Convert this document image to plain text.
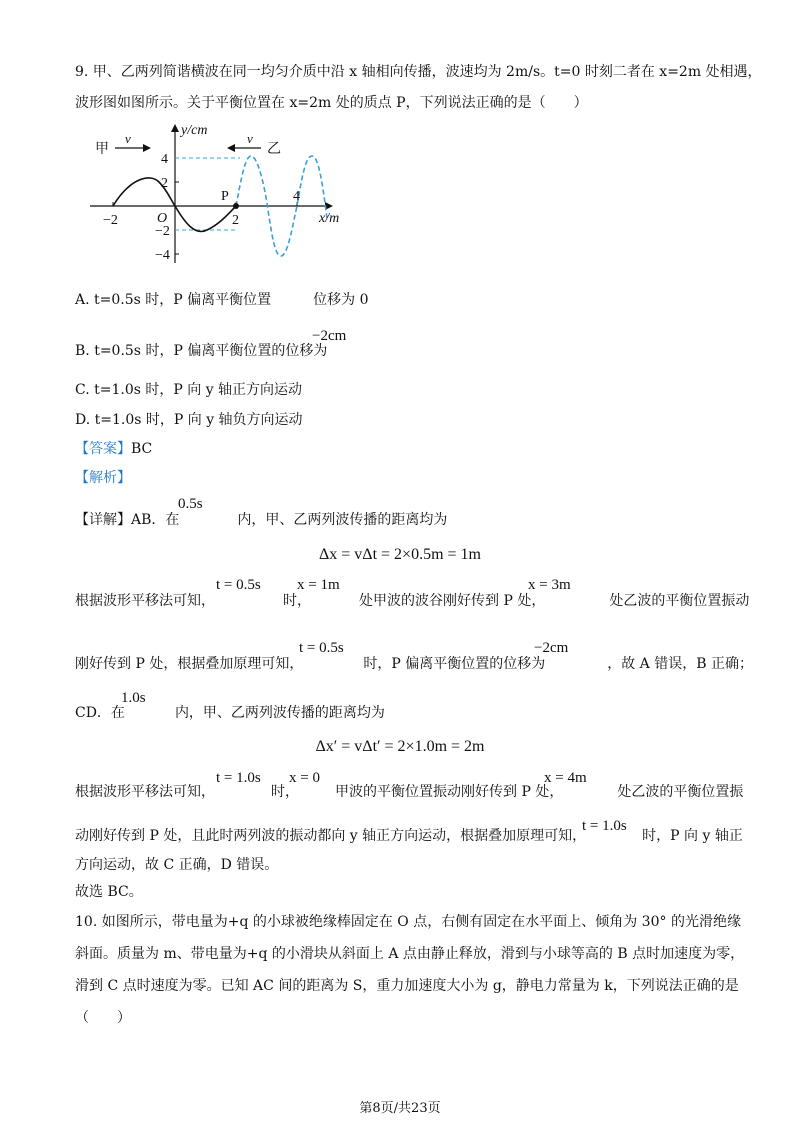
9. 甲、乙两列简谐横波在同一均匀介质中沿 x 轴相向传播，波速均为 2m/s。t=0 时刻二者在 x=2m 处相遇，
波形图如图所示。关于平衡位置在 x=2m 处的质点 P，下列说法正确的是（　　）
甲
v	v
乙
y/cm
x/m
O
−2	2
4
4
2
−2
−4
P
A. t=0.5s 时，P 偏离平衡位置　　　位移为 0
B. t=0.5s 时，P 偏离平衡位置的位移为
−2cm
C. t=1.0s 时，P 向 y 轴正方向运动
D. t=1.0s 时，P 向 y 轴负方向运动
【答案】BC
【解析】
【详解】AB．在	内，甲、乙两列波传播的距离均为
0.5s
Δx = vΔt = 2×0.5m = 1m
根据波形平移法可知，	时，	处甲波的波谷刚好传到 P 处，	处乙波的平衡位置振动
t = 0.5s x = 1m	x = 3m
刚好传到 P 处，根据叠加原理可知，	时，P 偏离平衡位置的位移为	，故 A 错误，B 正确；
t = 0.5s	−2cm
CD．在	内，甲、乙两列波传播的距离均为
1.0s
Δx′ = vΔt′ = 2×1.0m = 2m
根据波形平移法可知，	时，	甲波的平衡位置振动刚好传到 P 处，	处乙波的平衡位置振
t = 1.0s x = 0	x = 4m
动刚好传到 P 处，且此时两列波的振动都向 y 轴正方向运动，根据叠加原理可知，	时，P 向 y 轴正
t = 1.0s
方向运动，故 C 正确，D 错误。
故选 BC。
10. 如图所示，带电量为+q 的小球被绝缘棒固定在 O 点，右侧有固定在水平面上、倾角为 30° 的光滑绝缘
斜面。质量为 m、带电量为+q 的小滑块从斜面上 A 点由静止释放，滑到与小球等高的 B 点时加速度为零，
滑到 C 点时速度为零。已知 AC 间的距离为 S，重力加速度大小为 g，静电力常量为 k，下列说法正确的是
（　　）
第8页/共23页
